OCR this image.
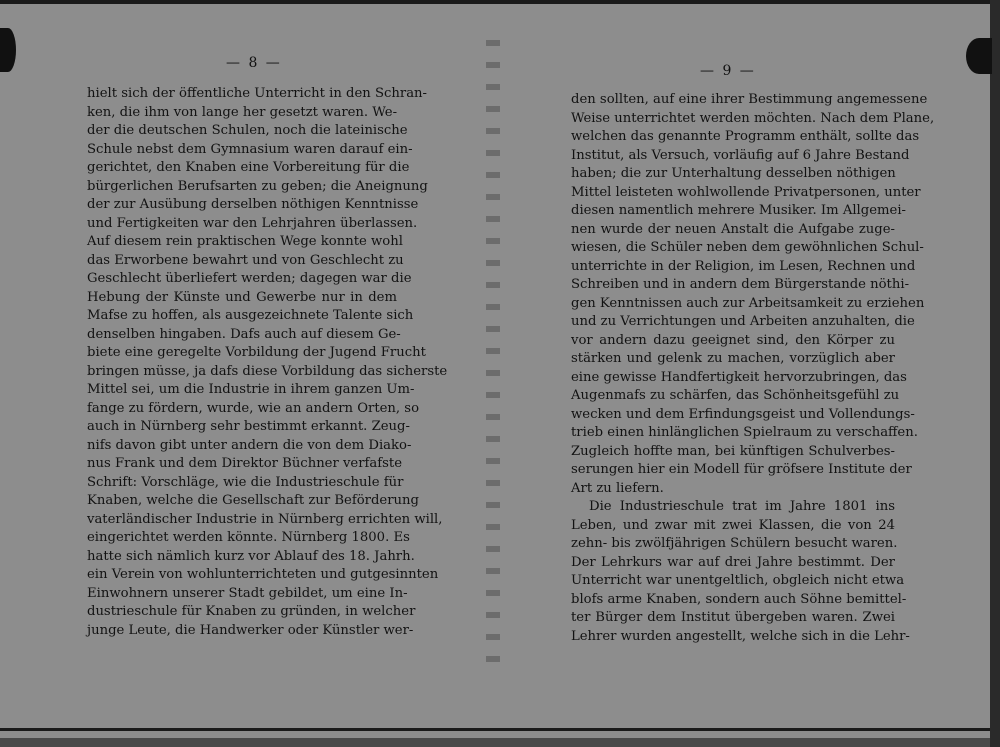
— 8 —	— 9 —
hielt sich der öffentliche Unterricht in den Schran-
ken, die ihm von lange her gesetzt waren. We-
der die deutschen Schulen, noch die lateinische
Schule nebst dem Gymnasium waren darauf ein-
gerichtet, den Knaben eine Vorbereitung für die
bürgerlichen Berufsarten zu geben; die Aneignung
der zur Ausübung derselben nöthigen Kenntnisse
und Fertigkeiten war den Lehrjahren überlassen.
Auf diesem rein praktischen Wege konnte wohl
das Erworbene bewahrt und von Geschlecht zu
Geschlecht überliefert werden; dagegen war die
Hebung der Künste und Gewerbe nur in dem
Mafse zu hoffen, als ausgezeichnete Talente sich
denselben hingaben. Dafs auch auf diesem Ge-
biete eine geregelte Vorbildung der Jugend Frucht
bringen müsse, ja dafs diese Vorbildung das sicherste
Mittel sei, um die Industrie in ihrem ganzen Um-
fange zu fördern, wurde, wie an andern Orten, so
auch in Nürnberg sehr bestimmt erkannt. Zeug-
nifs davon gibt unter andern die von dem Diako-
nus Frank und dem Direktor Büchner verfafste
Schrift: Vorschläge, wie die Industrieschule für
Knaben, welche die Gesellschaft zur Beförderung
vaterländischer Industrie in Nürnberg errichten will,
eingerichtet werden könnte. Nürnberg 1800. Es
hatte sich nämlich kurz vor Ablauf des 18. Jahrh.
ein Verein von wohlunterrichteten und gutgesinnten
Einwohnern unserer Stadt gebildet, um eine In-
dustrieschule für Knaben zu gründen, in welcher
junge Leute, die Handwerker oder Künstler wer-
den sollten, auf eine ihrer Bestimmung angemessene
Weise unterrichtet werden möchten. Nach dem Plane,
welchen das genannte Programm enthält, sollte das
Institut, als Versuch, vorläufig auf 6 Jahre Bestand
haben; die zur Unterhaltung desselben nöthigen
Mittel leisteten wohlwollende Privatpersonen, unter
diesen namentlich mehrere Musiker. Im Allgemei-
nen wurde der neuen Anstalt die Aufgabe zuge-
wiesen, die Schüler neben dem gewöhnlichen Schul-
unterrichte in der Religion, im Lesen, Rechnen und
Schreiben und in andern dem Bürgerstande nöthi-
gen Kenntnissen auch zur Arbeitsamkeit zu erziehen
und zu Verrichtungen und Arbeiten anzuhalten, die
vor andern dazu geeignet sind, den Körper zu
stärken und gelenk zu machen, vorzüglich aber
eine gewisse Handfertigkeit hervorzubringen, das
Augenmafs zu schärfen, das Schönheitsgefühl zu
wecken und dem Erfindungsgeist und Vollendungs-
trieb einen hinlänglichen Spielraum zu verschaffen.
Zugleich hoffte man, bei künftigen Schulverbes-
serungen hier ein Modell für gröfsere Institute der
Art zu liefern.
Die Industrieschule trat im Jahre 1801 ins
Leben, und zwar mit zwei Klassen, die von 24
zehn- bis zwölfjährigen Schülern besucht waren.
Der Lehrkurs war auf drei Jahre bestimmt. Der
Unterricht war unentgeltlich, obgleich nicht etwa
blofs arme Knaben, sondern auch Söhne bemittel-
ter Bürger dem Institut übergeben waren. Zwei
Lehrer wurden angestellt, welche sich in die Lehr-
